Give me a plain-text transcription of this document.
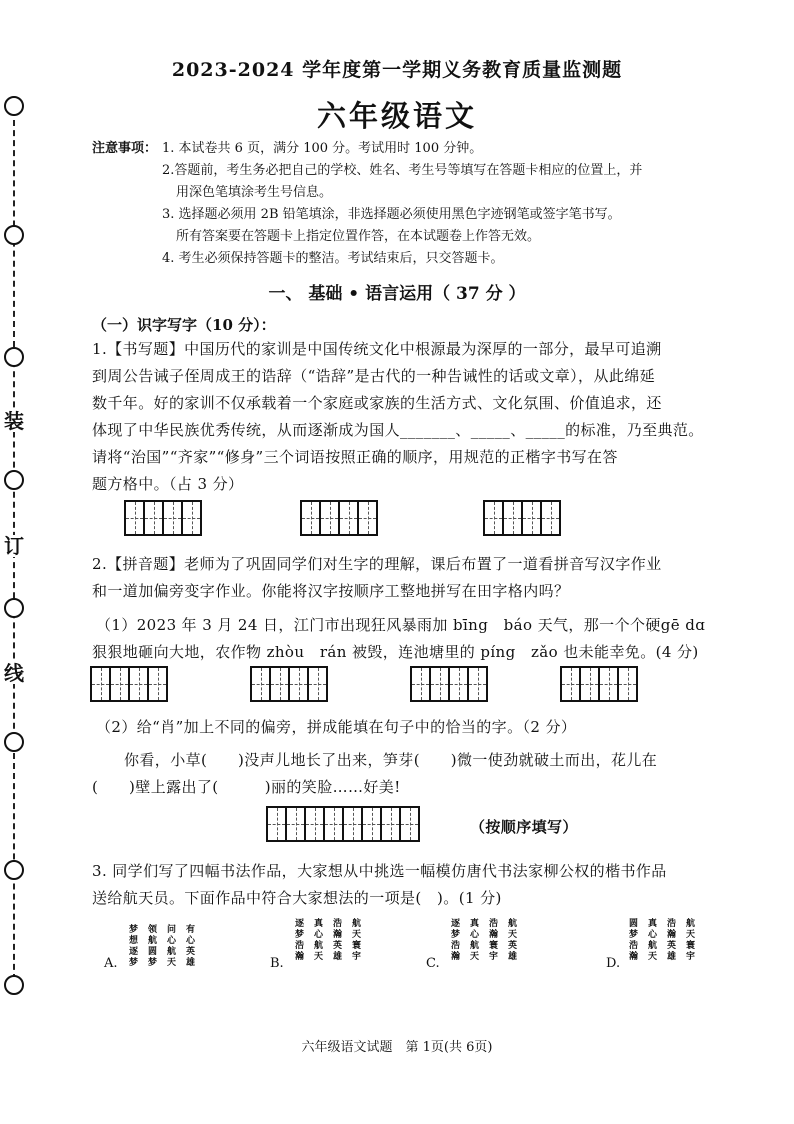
装
订
线
2023-2024 学年度第一学期义务教育质量监测题
六年级语文
注意事项： 1. 本试卷共 6 页，满分 100 分。考试用时 100 分钟。
2.答题前，考生务必把自己的学校、姓名、考生号等填写在答题卡相应的位置上，并
用深色笔填涂考生号信息。
3. 选择题必须用 2B 铅笔填涂，非选择题必须使用黑色字迹钢笔或签字笔书写。
所有答案要在答题卡上指定位置作答，在本试题卷上作答无效。
4. 考生必须保持答题卡的整洁。考试结束后，只交答题卡。
一、 基础 • 语言运用（ 37 分 ）
（一）识字写字（10 分）：
1.【书写题】中国历代的家训是中国传统文化中根源最为深厚的一部分，最早可追溯
到周公告诫子侄周成王的诰辞（“诰辞”是古代的一种告诫性的话或文章），从此绵延
数千年。好的家训不仅承载着一个家庭或家族的生活方式、文化氛围、价值追求，还
体现了中华民族优秀传统，从而逐渐成为国人_______、_____、_____的标准，乃至典范。
请将“治国”“齐家”“修身”三个词语按照正确的顺序，用规范的正楷字书写在答
题方格中。（占 3 分）
2.【拼音题】老师为了巩固同学们对生字的理解，课后布置了一道看拼音写汉字作业
和一道加偏旁变字作业。你能将汉字按顺序工整地拼写在田字格内吗？
（1）2023 年 3 月 24 日，江门市出现狂风暴雨加 bīng　báo 天气，那一个个硬gē dɑ
狠狠地砸向大地，农作物 zhòu　rán 被毁，连池塘里的 píng　zǎo 也未能幸免。(4 分)
（2）给“肖”加上不同的偏旁，拼成能填在句子中的恰当的字。（2 分）
你看，小草(　　)没声儿地长了出来，笋芽(　　)微一使劲就破土而出，花儿在
(　　)壁上露出了(　　　)丽的笑脸……好美!
（按顺序填写）
3. 同学们写了四幅书法作品，大家想从中挑选一幅模仿唐代书法家柳公权的楷书作品
送给航天员。下面作品中符合大家想法的一项是(　)。(1 分)
A. 梦想逐梦 领航圆梦 问心航天 有心英雄	B.
逐梦浩瀚 真心航天 浩瀚英雄 航天寰宇
C.
逐梦浩瀚 真心航天 浩瀚寰宇 航天英雄
D.
圆梦浩瀚 真心航天 浩瀚英雄 航天寰宇
六年级语文试题　第 1页(共 6页)
